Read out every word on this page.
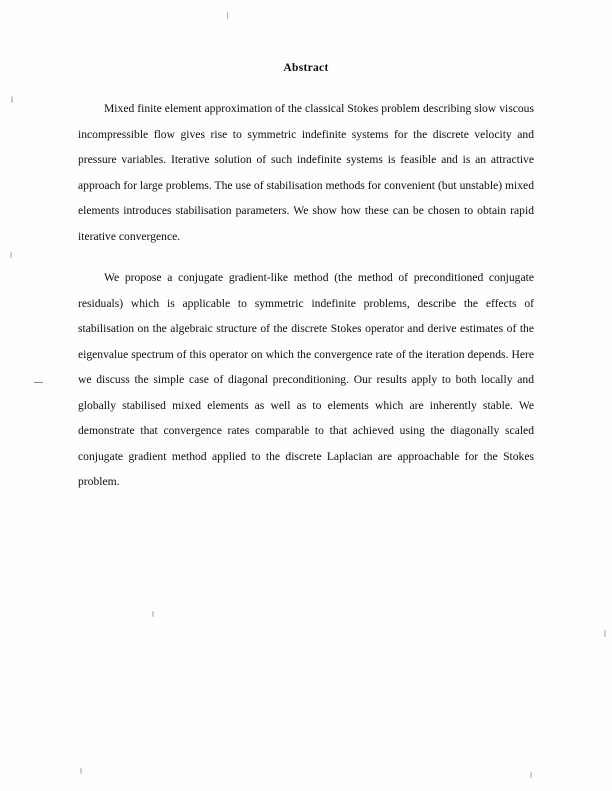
Abstract

Mixed finite element approximation of the classical Stokes problem describing slow viscous incompressible flow gives rise to symmetric indefinite systems for the discrete velocity and pressure variables. Iterative solution of such indefinite systems is feasible and is an attractive approach for large problems. The use of stabilisation methods for convenient (but unstable) mixed elements introduces stabilisation parameters. We show how these can be chosen to obtain rapid iterative convergence.

We propose a conjugate gradient-like method (the method of preconditioned conjugate residuals) which is applicable to symmetric indefinite problems, describe the effects of stabilisation on the algebraic structure of the discrete Stokes operator and derive estimates of the eigenvalue spectrum of this operator on which the convergence rate of the iteration depends. Here we discuss the simple case of diagonal preconditioning. Our results apply to both locally and globally stabilised mixed elements as well as to elements which are inherently stable. We demonstrate that convergence rates comparable to that achieved using the diagonally scaled conjugate gradient method applied to the discrete Laplacian are approachable for the Stokes problem.
